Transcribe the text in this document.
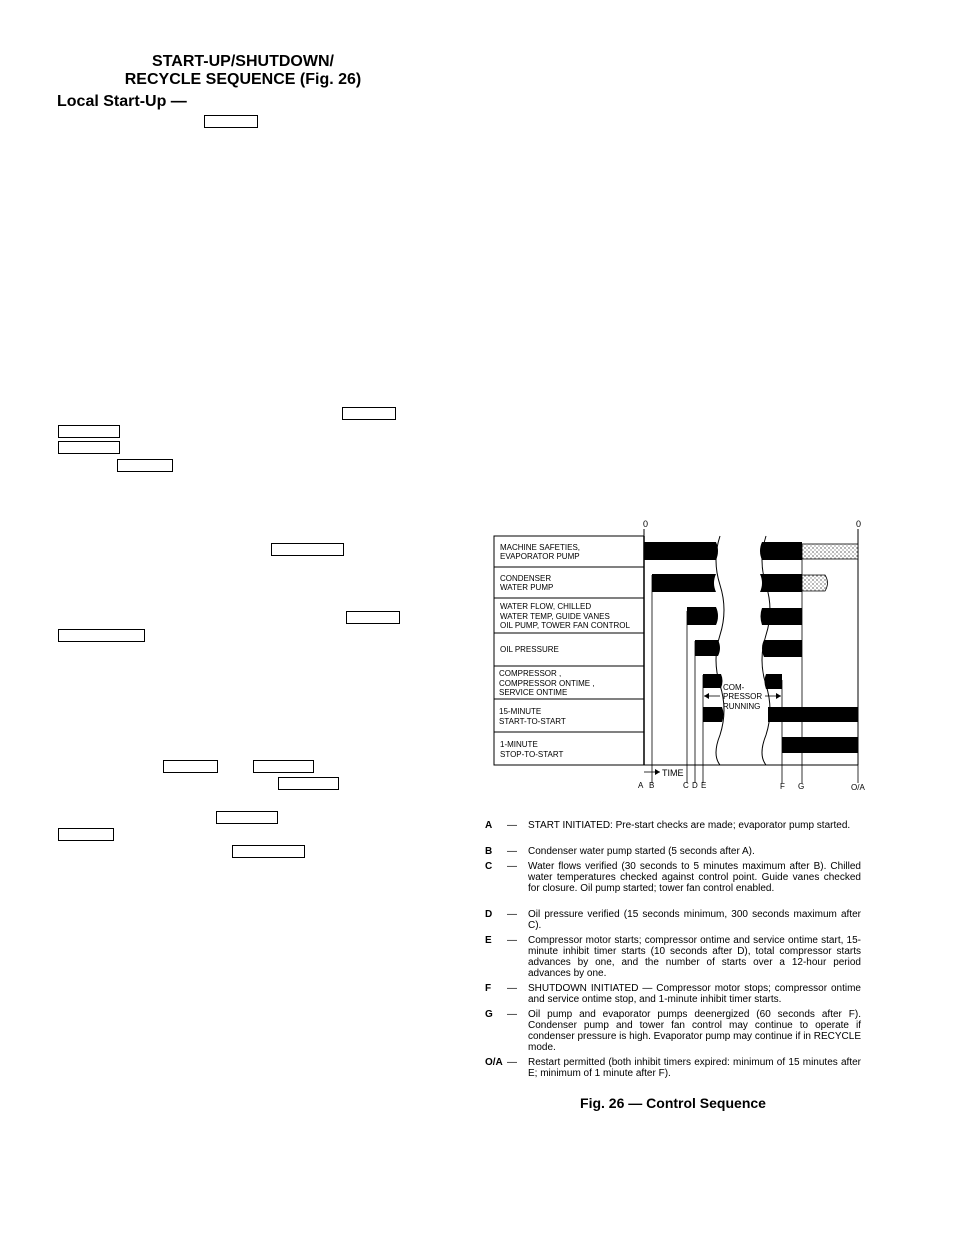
START-UP/SHUTDOWN/
RECYCLE SEQUENCE (Fig. 26)
Local Start-Up —
0	0
MACHINE SAFETIES,
EVAPORATOR PUMP
CONDENSER
WATER PUMP
WATER FLOW, CHILLED
WATER TEMP, GUIDE VANES
OIL PUMP, TOWER FAN CONTROL
OIL PRESSURE
COMPRESSOR ,
COMPRESSOR ONTIME ,
SERVICE ONTIME
15-MINUTE
START-TO-START
1-MINUTE
STOP-TO-START
COM-
PRESSOR
RUNNING
TIME
A B	C D E	F G	O/A
A — START INITIATED: Pre-start checks are made; evaporator pump started.
B — Condenser water pump started (5 seconds after A).
C — Water flows verified (30 seconds to 5 minutes maximum after B). Chilled water temperatures checked against control point. Guide vanes checked for closure. Oil pump started; tower fan control enabled.
D — Oil pressure verified (15 seconds minimum, 300 seconds maximum after C).
E — Compressor motor starts; compressor ontime and service ontime start, 15-minute inhibit timer starts (10 seconds after D), total compressor starts advances by one, and the number of starts over a 12-hour period advances by one.
F — SHUTDOWN INITIATED — Compressor motor stops; compressor ontime and service ontime stop, and 1-minute inhibit timer starts.
G — Oil pump and evaporator pumps deenergized (60 seconds after F). Condenser pump and tower fan control may continue to operate if condenser pressure is high. Evaporator pump may continue if in RECYCLE mode.
O/A — Restart permitted (both inhibit timers expired: minimum of 15 minutes after E; minimum of 1 minute after F).
Fig. 26 — Control Sequence
